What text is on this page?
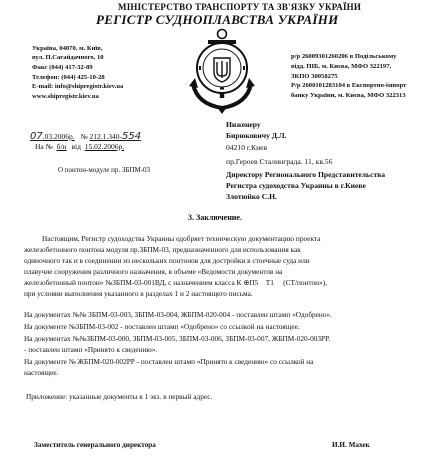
МІНІСТЕРСТВО ТРАНСПОРТУ ТА ЗВ'ЯЗКУ УКРАЇНИ
РЕГІСТР СУДНОПЛАВСТВА УКРАЇНИ
Україна, 04070, м. Київ,
вул. П.Сагайдачного, 10
Факс (044) 417-32-89
Телефон: (044) 425-10-28
E-mail: info@shipregistr.kiev.ua
www.shipregistr.kiev.ua
р/р 26009301260206 в Подільському
відд. ПІБ, м. Києва, МФО 322197,
ЗКПО 30058275
Р/р 2600101283104 в Експортно-імпорт
банку України, м. Києва, МФО 322313
07.03.2006р. № 212.1.340-554
На № б/н від 15.02.2006р.
О понтон-модуле пр. ЗБПМ-03
Инженеру
Бирюковичу Д.Л.
04210 г.Киев
пр.Героев Сталинграда. 11, кв.56
Директору Регионального Представительства
Регистра судоходства Украины в г.Киеве
Злотюйко С.Н.
3. Заключение.
Настоящим, Регистр судоходства Украины одобряет техническую документацию проекта
железобетонного понтона модуля пр.ЗБПМ-03, предназначенного для использования как
одиночного так и в соединении из нескольких понтонов для достройки в стоечные суда или
плавучие сооружения различного назначения, в объеме «Ведомости документов на
железобетонный понтон» №ЗБПМ-03-001ВД, с назначением класса К ⊕П5 ⃞Т1 ⃞ (СТ/понтон»),
при условии выполнения указанного в разделах 1 и 2 настоящего письма.
На документах №№ ЗБПМ-03-003, ЗБПМ-03-004, ЖБПМ-020-004 - поставлен штамп «Одобрено».
На документе №ЗБПМ-03-002 - поставлен штамп «Одобрено» со ссылкой на настоящее.
На документах №№ЗБПМ-03-000, ЗБПМ-03-005, ЗБПМ-03-006, ЗБПМ-03-007, ЖБПМ-020-003РР.
- поставлен штамп «Принято к сведению».
На документе № ЖБПМ-020-002РР - поставлен штамп «Принято к сведению» со ссылкой на
настоящее.
Приложение: указанные документы в 1 экз. в первый адрес.
Заместитель генерального директора	И.И. Махек
